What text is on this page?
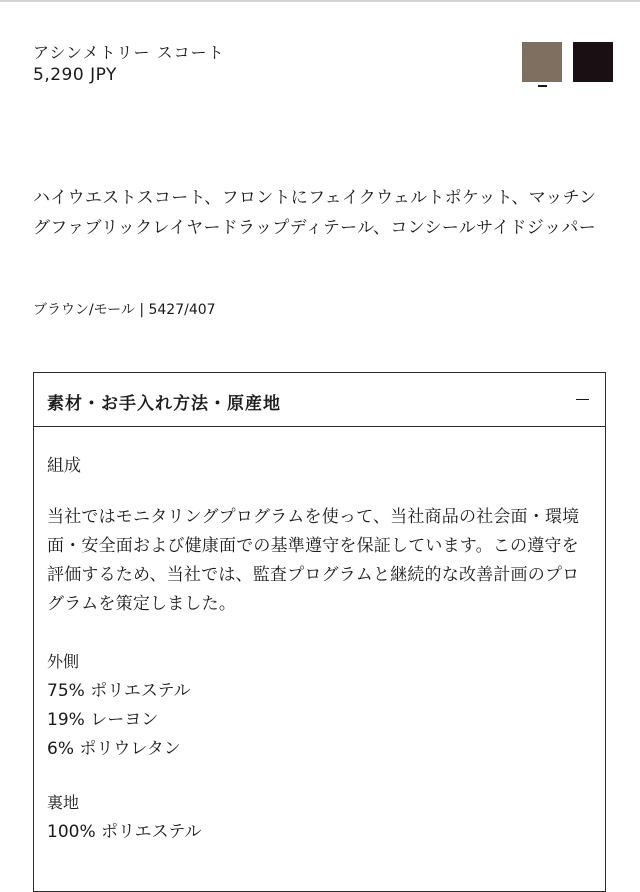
アシンメトリー スコート
5,290 JPY
ハイウエストスコート、フロントにフェイクウェルトポケット、マッチングファブリックレイヤードラップディテール、コンシールサイドジッパー
ブラウン/モール | 5427/407
素材・お手入れ方法・原産地
組成
当社ではモニタリングプログラムを使って、当社商品の社会面・環境面・安全面および健康面での基準遵守を保証しています。この遵守を評価するため、当社では、監査プログラムと継続的な改善計画のプログラムを策定しました。
外側
75% ポリエステル
19% レーヨン
6% ポリウレタン
裏地
100% ポリエステル
